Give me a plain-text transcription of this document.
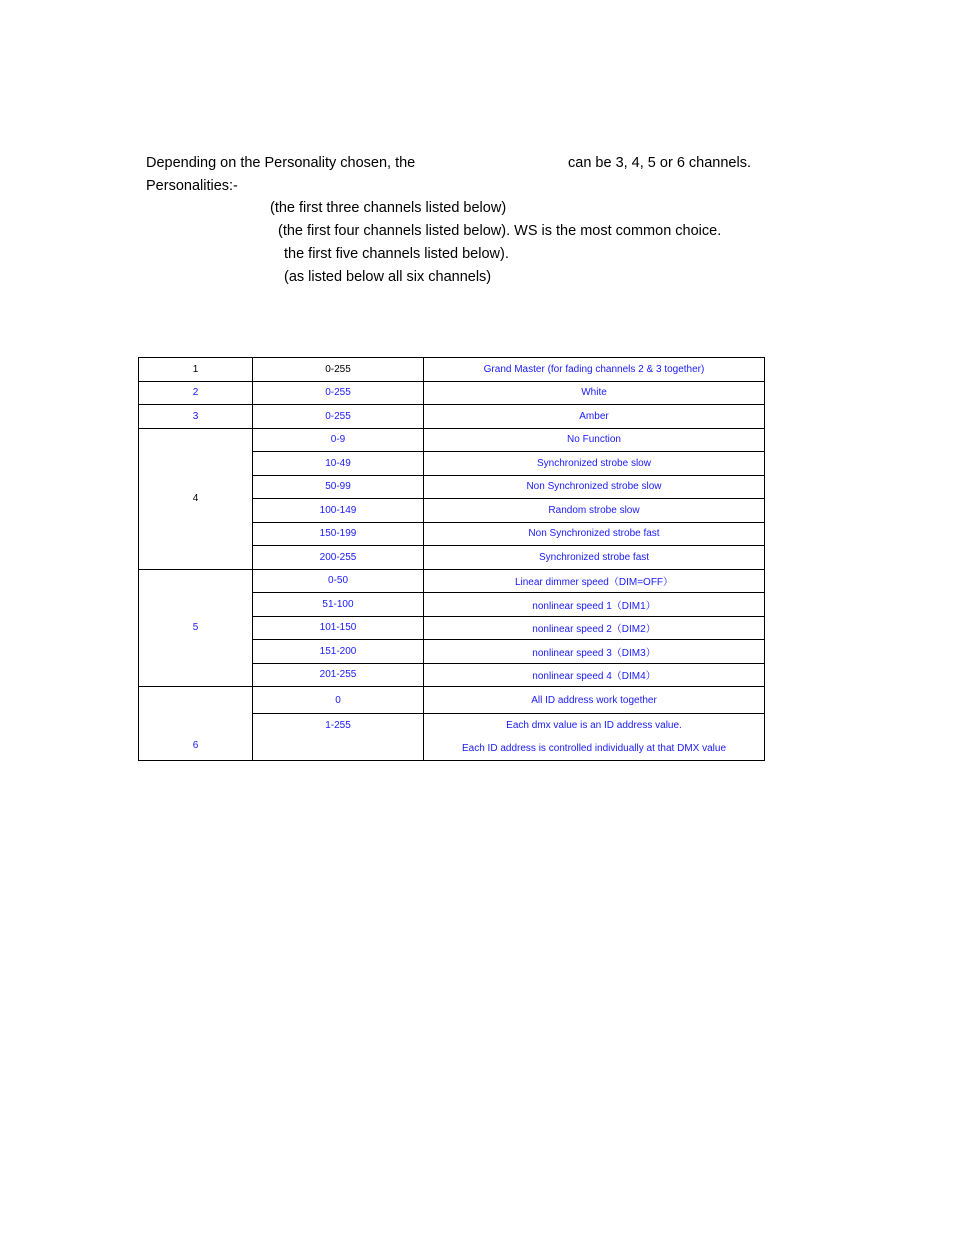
Depending on the Personality chosen, the	can be 3, 4, 5 or 6 channels.
Personalities:-
(the first three channels listed below)
(the first four channels listed below). WS is the most common choice.
the first five channels listed below).
(as listed below all six channels)
1	0-255	Grand Master (for fading channels 2 & 3 together)
2	0-255	White
3	0-255	Amber
4	0-9	No Function
	10-49	Synchronized strobe slow
	50-99	Non Synchronized strobe slow
	100-149	Random strobe slow
	150-199	Non Synchronized strobe fast
	200-255	Synchronized strobe fast
5	0-50	Linear dimmer speed（DIM=OFF）
	51-100	nonlinear speed 1（DIM1）
	101-150	nonlinear speed 2（DIM2）
	151-200	nonlinear speed 3（DIM3）
	201-255	nonlinear speed 4（DIM4）
6	0	All ID address work together

	1-255	Each dmx value is an ID address value.
Each ID address is controlled individually at that DMX value
